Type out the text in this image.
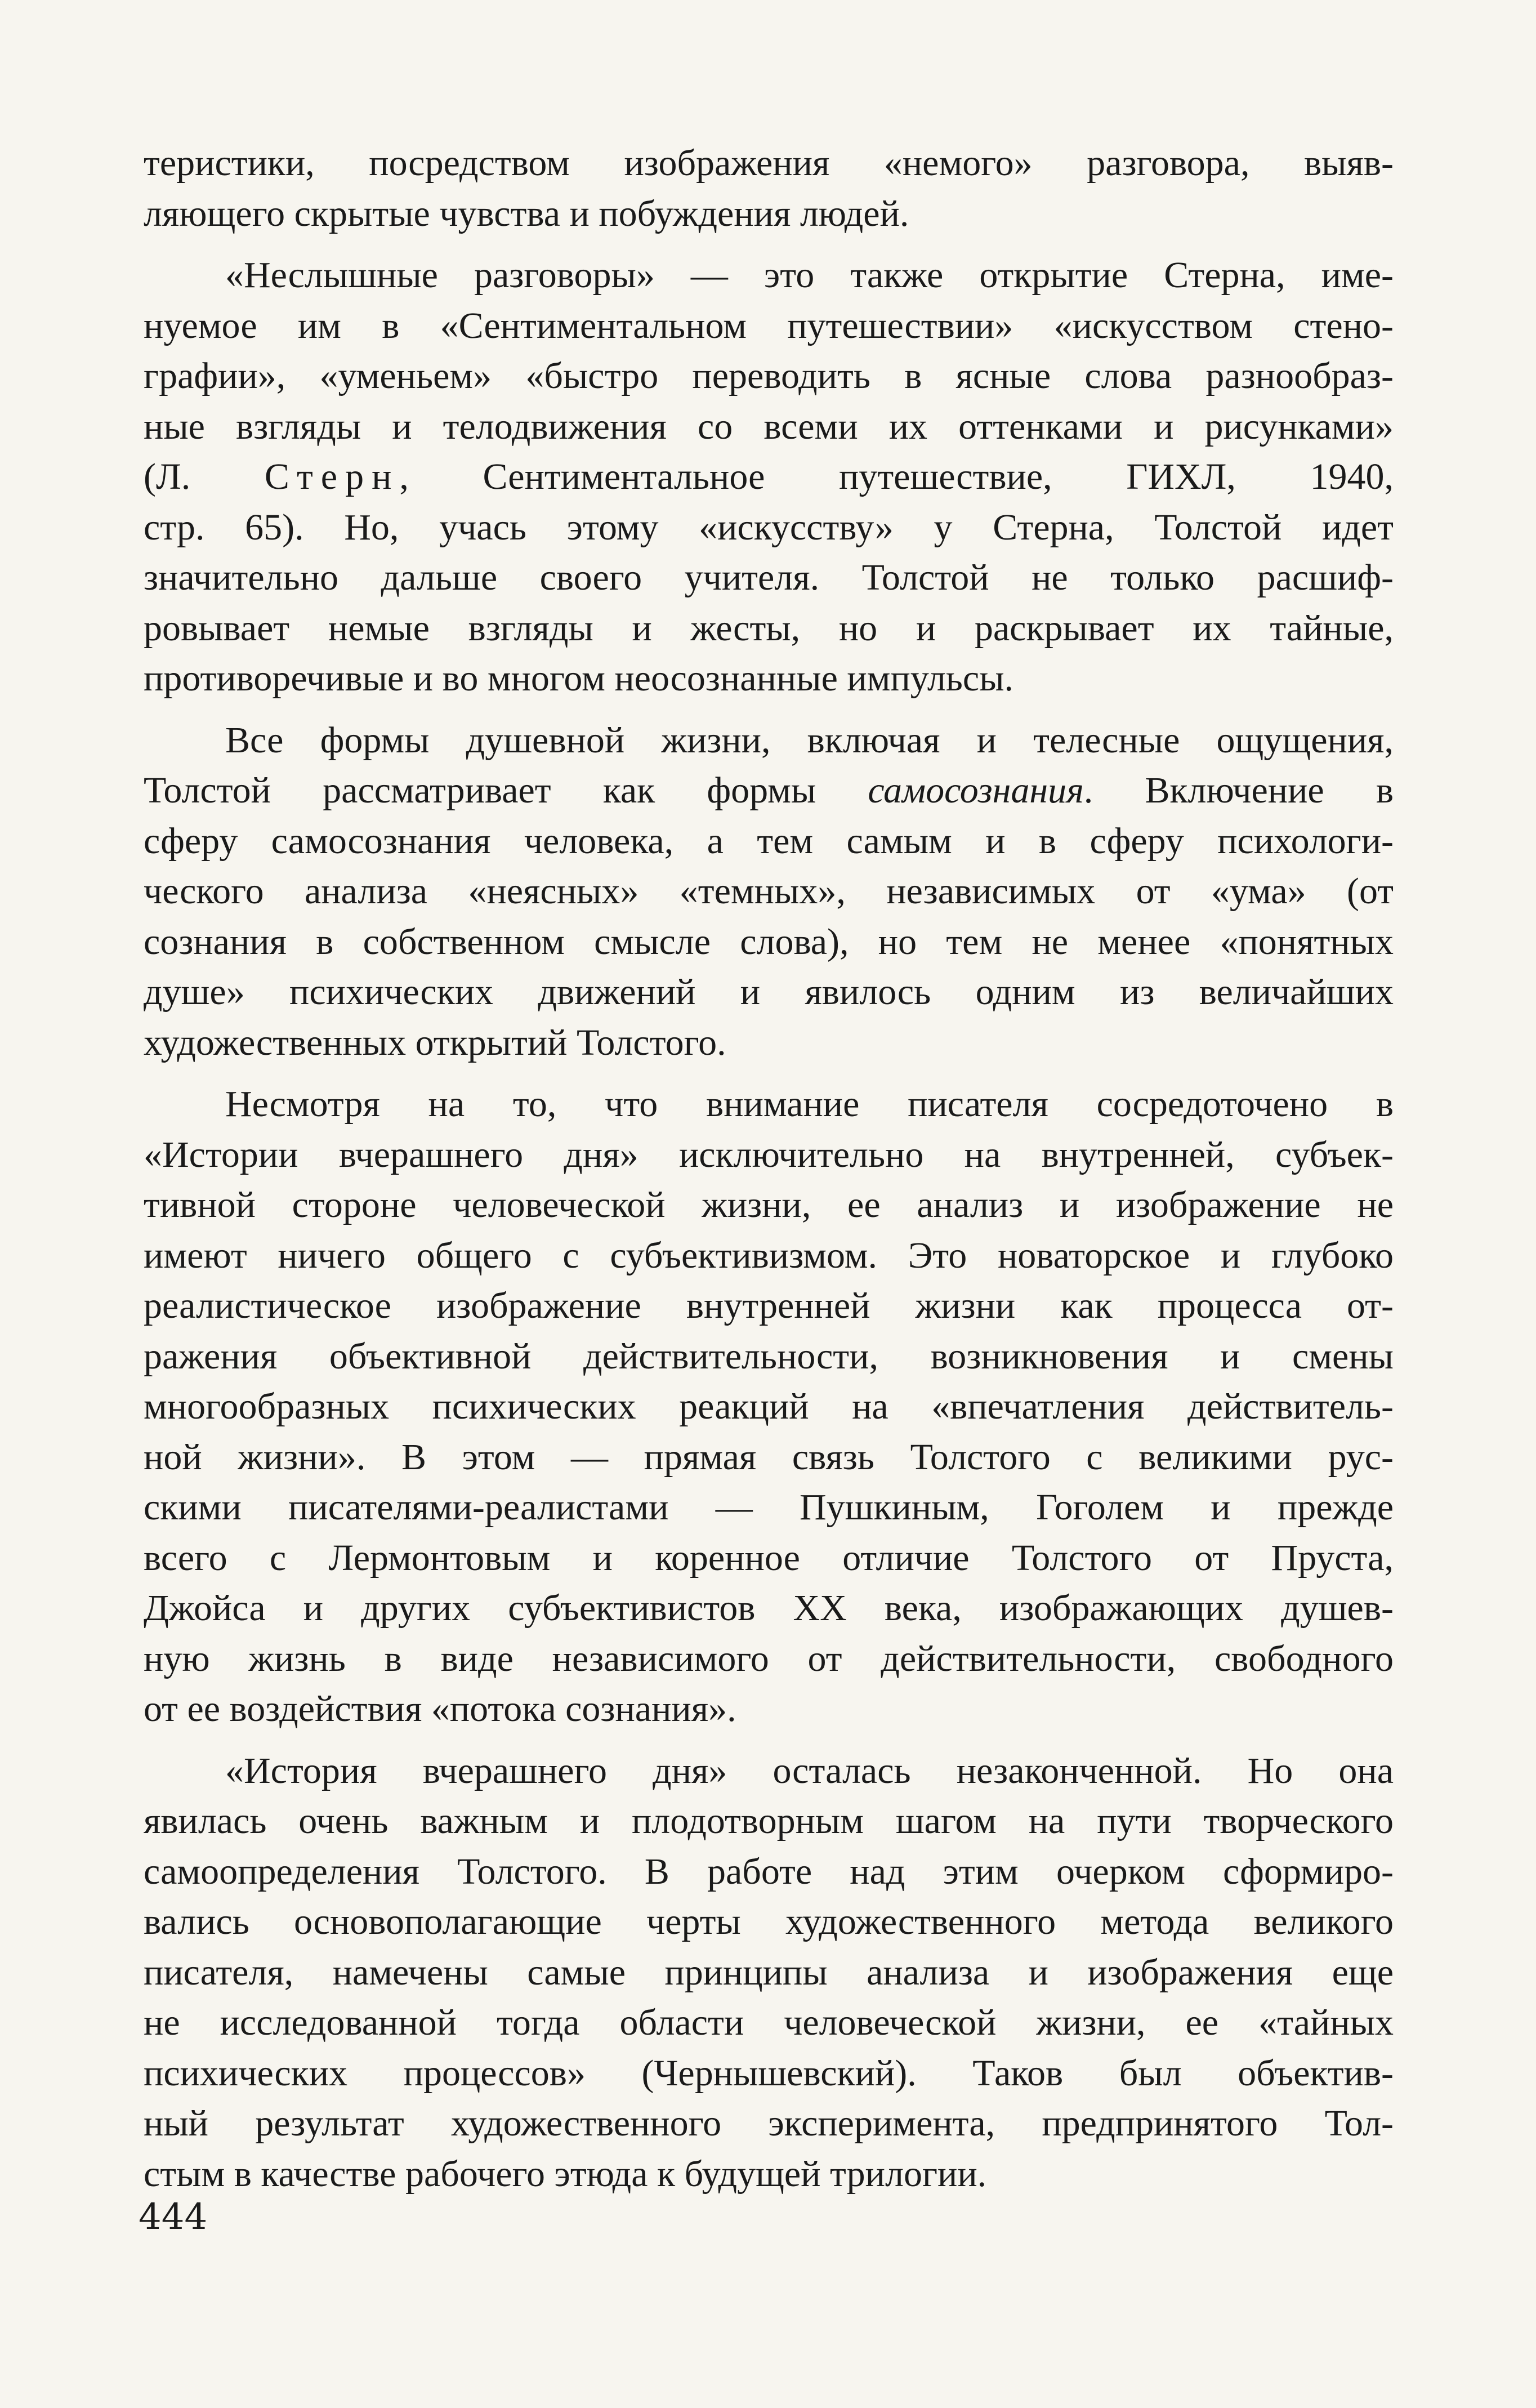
теристики, посредством изображения «немого» разговора, выяв-
ляющего скрытые чувства и побуждения людей.
«Неслышные разговоры» — это также открытие Стерна, име-
нуемое им в «Сентиментальном путешествии» «искусством стено-
графии», «уменьем» «быстро переводить в ясные слова разнообраз-
ные взгляды и телодвижения со всеми их оттенками и рисунками»
(Л. Стерн, Сентиментальное путешествие, ГИХЛ, 1940,
стр. 65). Но, учась этому «искусству» у Стерна, Толстой идет
значительно дальше своего учителя. Толстой не только расшиф-
ровывает немые взгляды и жесты, но и раскрывает их тайные,
противоречивые и во многом неосознанные импульсы.
Все формы душевной жизни, включая и телесные ощущения,
Толстой рассматривает как формы самосознания. Включение в
сферу самосознания человека, а тем самым и в сферу психологи-
ческого анализа «неясных» «темных», независимых от «ума» (от
сознания в собственном смысле слова), но тем не менее «понятных
душе» психических движений и явилось одним из величайших
художественных открытий Толстого.
Несмотря на то, что внимание писателя сосредоточено в
«Истории вчерашнего дня» исключительно на внутренней, субъек-
тивной стороне человеческой жизни, ее анализ и изображение не
имеют ничего общего с субъективизмом. Это новаторское и глубоко
реалистическое изображение внутренней жизни как процесса от-
ражения объективной действительности, возникновения и смены
многообразных психических реакций на «впечатления действитель-
ной жизни». В этом — прямая связь Толстого с великими рус-
скими писателями-реалистами — Пушкиным, Гоголем и прежде
всего с Лермонтовым и коренное отличие Толстого от Пруста,
Джойса и других субъективистов XX века, изображающих душев-
ную жизнь в виде независимого от действительности, свободного
от ее воздействия «потока сознания».
«История вчерашнего дня» осталась незаконченной. Но она
явилась очень важным и плодотворным шагом на пути творческого
самоопределения Толстого. В работе над этим очерком сформиро-
вались основополагающие черты художественного метода великого
писателя, намечены самые принципы анализа и изображения еще
не исследованной тогда области человеческой жизни, ее «тайных
психических процессов» (Чернышевский). Таков был объектив-
ный результат художественного эксперимента, предпринятого Тол-
стым в качестве рабочего этюда к будущей трилогии.
444
